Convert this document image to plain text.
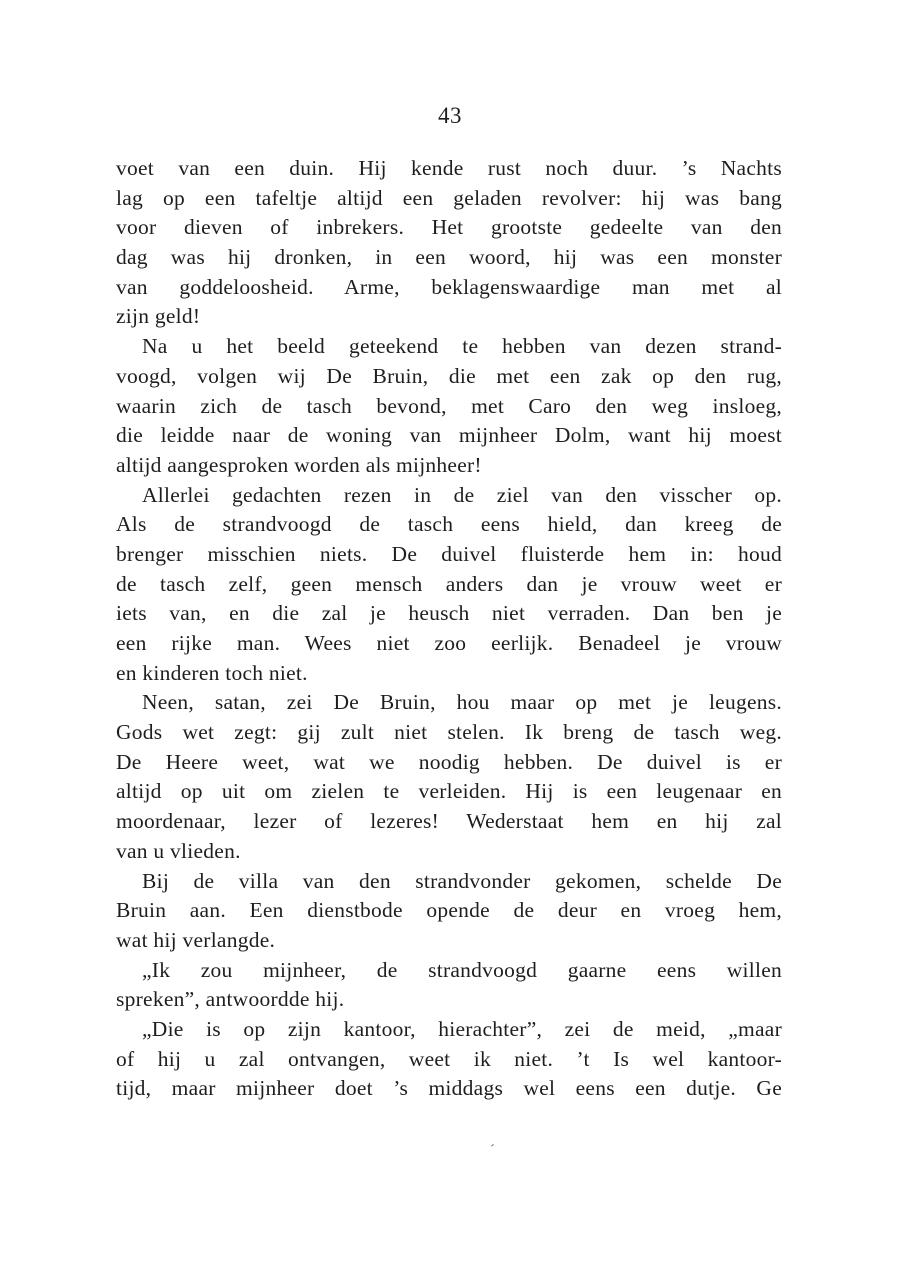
43
voet van een duin. Hij kende rust noch duur. ’s Nachts
lag op een tafeltje altijd een geladen revolver: hij was bang
voor dieven of inbrekers. Het grootste gedeelte van den
dag was hij dronken, in een woord, hij was een monster
van goddeloosheid. Arme, beklagenswaardige man met al
zijn geld!
Na u het beeld geteekend te hebben van dezen strand-
voogd, volgen wij De Bruin, die met een zak op den rug,
waarin zich de tasch bevond, met Caro den weg insloeg,
die leidde naar de woning van mijnheer Dolm, want hij moest
altijd aangesproken worden als mijnheer!
Allerlei gedachten rezen in de ziel van den visscher op.
Als de strandvoogd de tasch eens hield, dan kreeg de
brenger misschien niets. De duivel fluisterde hem in: houd
de tasch zelf, geen mensch anders dan je vrouw weet er
iets van, en die zal je heusch niet verraden. Dan ben je
een rijke man. Wees niet zoo eerlijk. Benadeel je vrouw
en kinderen toch niet.
Neen, satan, zei De Bruin, hou maar op met je leugens.
Gods wet zegt: gij zult niet stelen. Ik breng de tasch weg.
De Heere weet, wat we noodig hebben. De duivel is er
altijd op uit om zielen te verleiden. Hij is een leugenaar en
moordenaar, lezer of lezeres! Wederstaat hem en hij zal
van u vlieden.
Bij de villa van den strandvonder gekomen, schelde De
Bruin aan. Een dienstbode opende de deur en vroeg hem,
wat hij verlangde.
„Ik zou mijnheer, de strandvoogd gaarne eens willen
spreken”, antwoordde hij.
„Die is op zijn kantoor, hierachter”, zei de meid, „maar
of hij u zal ontvangen, weet ik niet. ’t Is wel kantoor-
tijd, maar mijnheer doet ’s middags wel eens een dutje. Ge
ˊ
